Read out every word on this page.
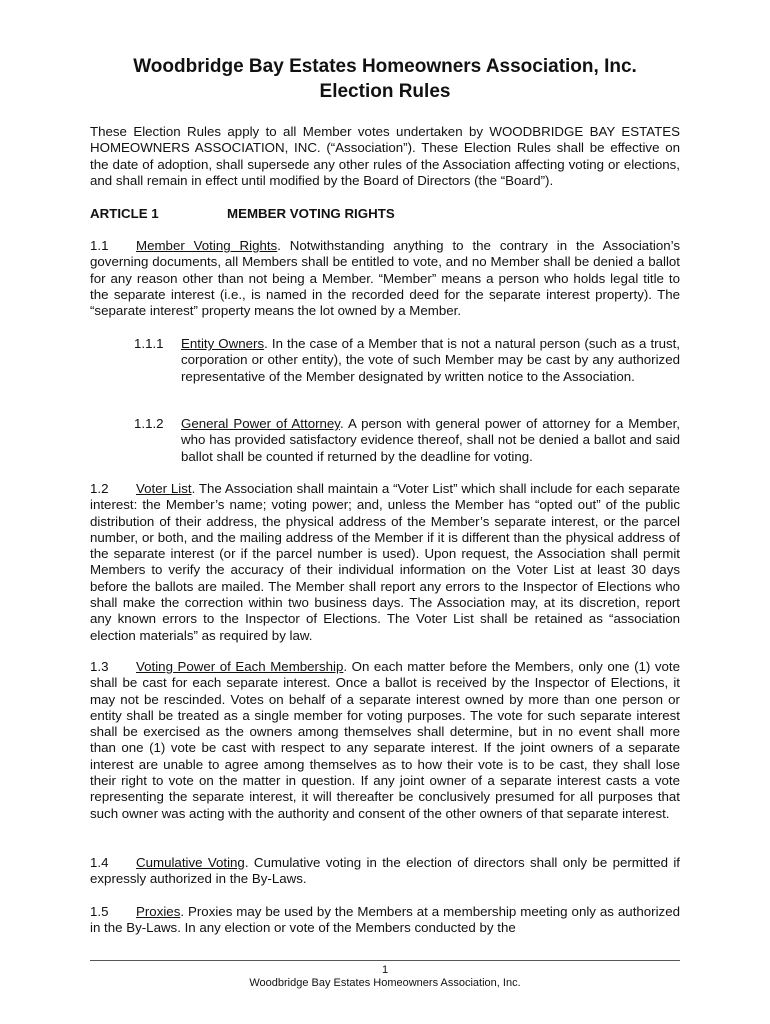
Woodbridge Bay Estates Homeowners Association, Inc.
Election Rules

These Election Rules apply to all Member votes undertaken by WOODBRIDGE BAY ESTATES HOMEOWNERS ASSOCIATION, INC. (“Association”). These Election Rules shall be effective on the date of adoption, shall supersede any other rules of the Association affecting voting or elections, and shall remain in effect until modified by the Board of Directors (the “Board”).

ARTICLE 1	MEMBER VOTING RIGHTS

1.1 Member Voting Rights. Notwithstanding anything to the contrary in the Association’s governing documents, all Members shall be entitled to vote, and no Member shall be denied a ballot for any reason other than not being a Member. “Member” means a person who holds legal title to the separate interest (i.e., is named in the recorded deed for the separate interest property). The “separate interest” property means the lot owned by a Member.

1.1.1 Entity Owners. In the case of a Member that is not a natural person (such as a trust, corporation or other entity), the vote of such Member may be cast by any authorized representative of the Member designated by written notice to the Association.

1.1.2 General Power of Attorney. A person with general power of attorney for a Member, who has provided satisfactory evidence thereof, shall not be denied a ballot and said ballot shall be counted if returned by the deadline for voting.

1.2 Voter List. The Association shall maintain a “Voter List” which shall include for each separate interest: the Member’s name; voting power; and, unless the Member has “opted out” of the public distribution of their address, the physical address of the Member’s separate interest, or the parcel number, or both, and the mailing address of the Member if it is different than the physical address of the separate interest (or if the parcel number is used). Upon request, the Association shall permit Members to verify the accuracy of their individual information on the Voter List at least 30 days before the ballots are mailed. The Member shall report any errors to the Inspector of Elections who shall make the correction within two business days. The Association may, at its discretion, report any known errors to the Inspector of Elections. The Voter List shall be retained as “association election materials” as required by law.

1.3 Voting Power of Each Membership. On each matter before the Members, only one (1) vote shall be cast for each separate interest. Once a ballot is received by the Inspector of Elections, it may not be rescinded. Votes on behalf of a separate interest owned by more than one person or entity shall be treated as a single member for voting purposes. The vote for such separate interest shall be exercised as the owners among themselves shall determine, but in no event shall more than one (1) vote be cast with respect to any separate interest. If the joint owners of a separate interest are unable to agree among themselves as to how their vote is to be cast, they shall lose their right to vote on the matter in question. If any joint owner of a separate interest casts a vote representing the separate interest, it will thereafter be conclusively presumed for all purposes that such owner was acting with the authority and consent of the other owners of that separate interest.

1.4 Cumulative Voting. Cumulative voting in the election of directors shall only be permitted if expressly authorized in the By-Laws.

1.5 Proxies. Proxies may be used by the Members at a membership meeting only as authorized in the By-Laws. In any election or vote of the Members conducted by the

1
Woodbridge Bay Estates Homeowners Association, Inc.
